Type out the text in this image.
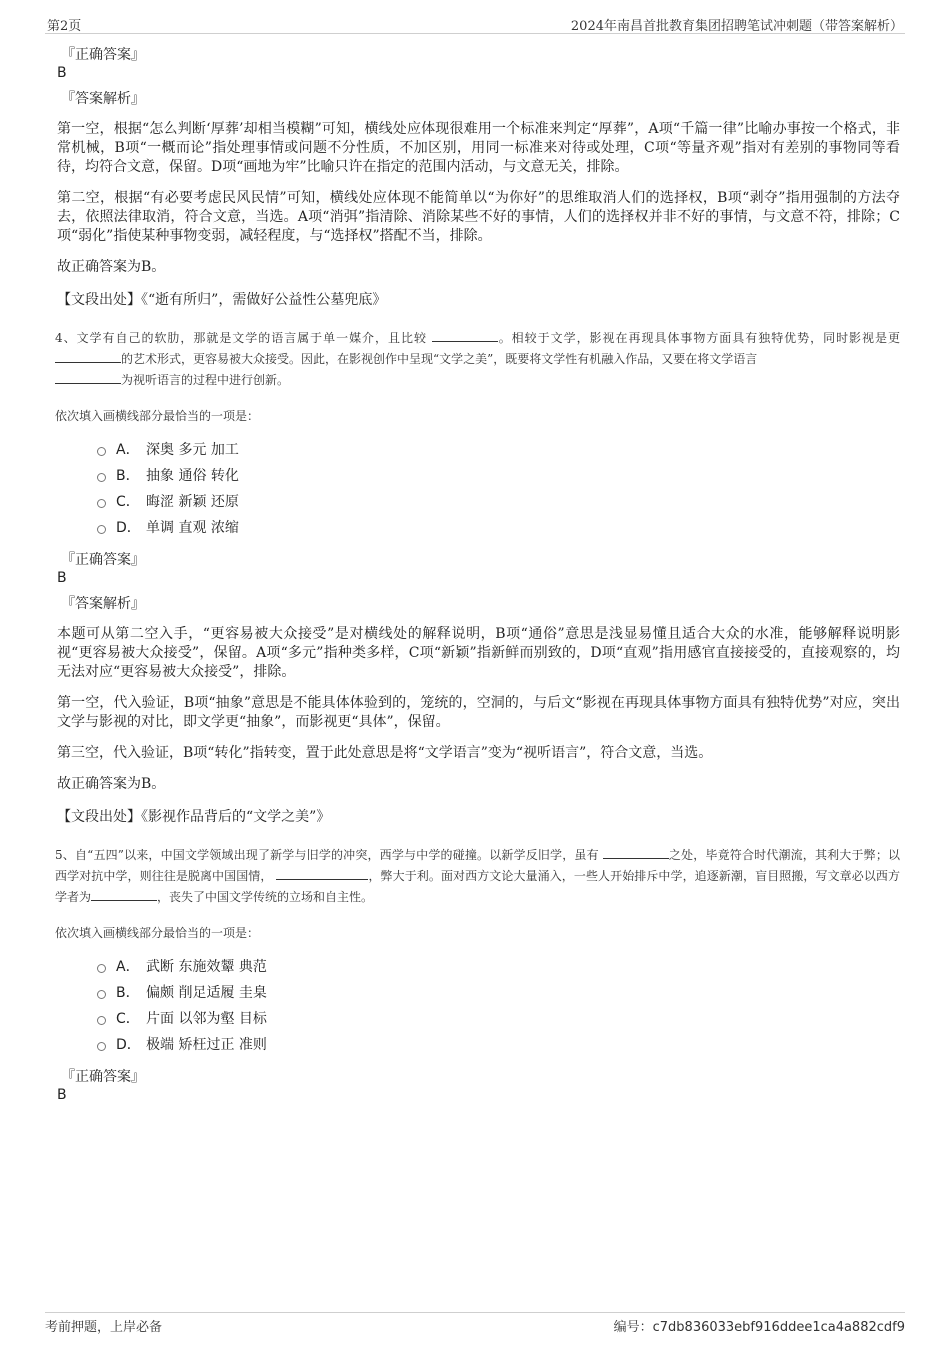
第2页	2024年南昌首批教育集团招聘笔试冲刺题（带答案解析）
『正确答案』
B
『答案解析』
第一空，根据“怎么判断‘厚葬’却相当模糊”可知，横线处应体现很难用一个标准来判定“厚葬”，A项“千篇一律”比喻办事按一个格式，非常机械，B项“一概而论”指处理事情或问题不分性质，不加区别，用同一标准来对待或处理，C项“等量齐观”指对有差别的事物同等看待，均符合文意，保留。D项“画地为牢”比喻只许在指定的范围内活动，与文意无关，排除。
第二空，根据“有必要考虑民风民情”可知，横线处应体现不能简单以“为你好”的思维取消人们的选择权，B项“剥夺”指用强制的方法夺去，依照法律取消，符合文意，当选。A项“消弭”指清除、消除某些不好的事情，人们的选择权并非不好的事情，与文意不符，排除；C项“弱化”指使某种事物变弱，减轻程度，与“选择权”搭配不当，排除。
故正确答案为B。
【文段出处】《“逝有所归”，需做好公益性公墓兜底》
4、文学有自己的软肋，那就是文学的语言属于单一媒介，且比较	。相较于文学，影视在再现具体事物方面具有独特优势，同时影视是更 的艺术形式，更容易被大众接受。因此，在影视创作中呈现“文学之美”，既要将文学性有机融入作品，又要在将文学语言
为视听语言的过程中进行创新。
依次填入画横线部分最恰当的一项是：
A． 深奥 多元 加工
B． 抽象 通俗 转化
C． 晦涩 新颖 还原
D． 单调 直观 浓缩
『正确答案』
B
『答案解析』
本题可从第二空入手，“更容易被大众接受”是对横线处的解释说明，B项“通俗”意思是浅显易懂且适合大众的水准，能够解释说明影视“更容易被大众接受”，保留。A项“多元”指种类多样，C项“新颖”指新鲜而别致的，D项“直观”指用感官直接接受的，直接观察的，均无法对应“更容易被大众接受”，排除。
第一空，代入验证，B项“抽象”意思是不能具体体验到的，笼统的，空洞的，与后文“影视在再现具体事物方面具有独特优势”对应，突出文学与影视的对比，即文学更“抽象”，而影视更“具体”，保留。
第三空，代入验证，B项“转化”指转变，置于此处意思是将“文学语言”变为“视听语言”，符合文意，当选。
故正确答案为B。
【文段出处】《影视作品背后的“文学之美”》
5、自“五四”以来，中国文学领域出现了新学与旧学的冲突，西学与中学的碰撞。以新学反旧学，虽有	之处，毕竟符合时代潮流，其利大于弊；以西学对抗中学，则往往是脱离中国国情，	，弊大于利。面对西方文论大量涌入，一些人开始排斥中学，追逐新潮，盲目照搬，写文章必以西方学者为	，丧失了中国文学传统的立场和自主性。
依次填入画横线部分最恰当的一项是：
A． 武断 东施效颦 典范
B． 偏颇 削足适履 圭臬
C． 片面 以邻为壑 目标
D． 极端 矫枉过正 准则
『正确答案』
B
考前押题，上岸必备	编号：c7db836033ebf916ddee1ca4a882cdf9
